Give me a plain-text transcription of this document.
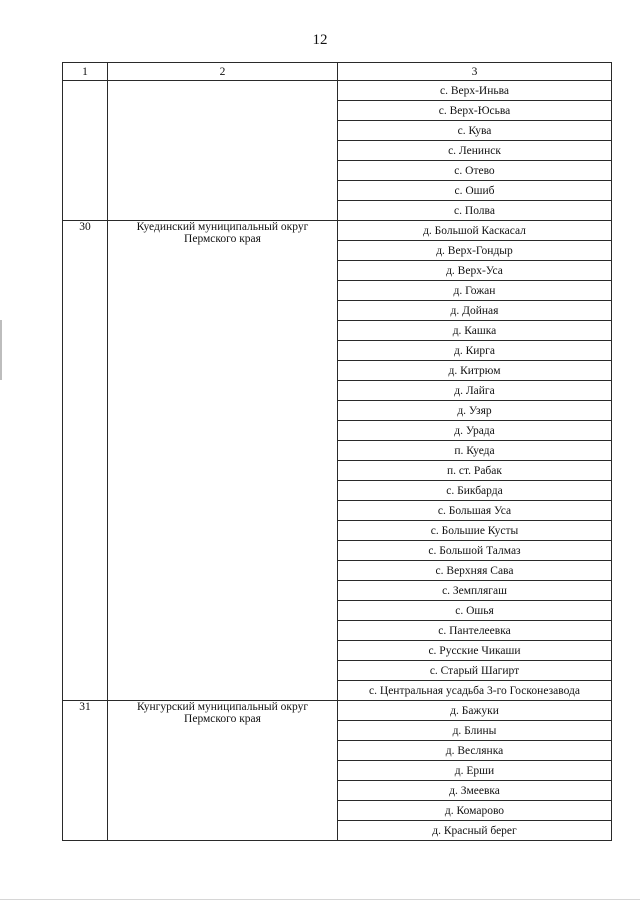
12
1	2	3
		с. Верх-Иньва
		с. Верх-Юсьва
		с. Кува
		с. Ленинск
		с. Отево
		с. Ошиб
		с. Полва
30	Куединский муниципальный округ Пермского края	д. Большой Каскасал
		д. Верх-Гондыр
		д. Верх-Уса
		д. Гожан
		д. Дойная
		д. Кашка
		д. Кирга
		д. Китрюм
		д. Лайга
		д. Узяр
		д. Урада
		п. Куеда
		п. ст. Рабак
		с. Бикбарда
		с. Большая Уса
		с. Большие Кусты
		с. Большой Талмаз
		с. Верхняя Сава
		с. Земплягаш
		с. Ошья
		с. Пантелеевка
		с. Русские Чикаши
		с. Старый Шагирт
		с. Центральная усадьба 3-го Госконезавода
31	Кунгурский муниципальный округ Пермского края	д. Бажуки
		д. Блины
		д. Веслянка
		д. Ерши
		д. Змеевка
		д. Комарово
		д. Красный берег
